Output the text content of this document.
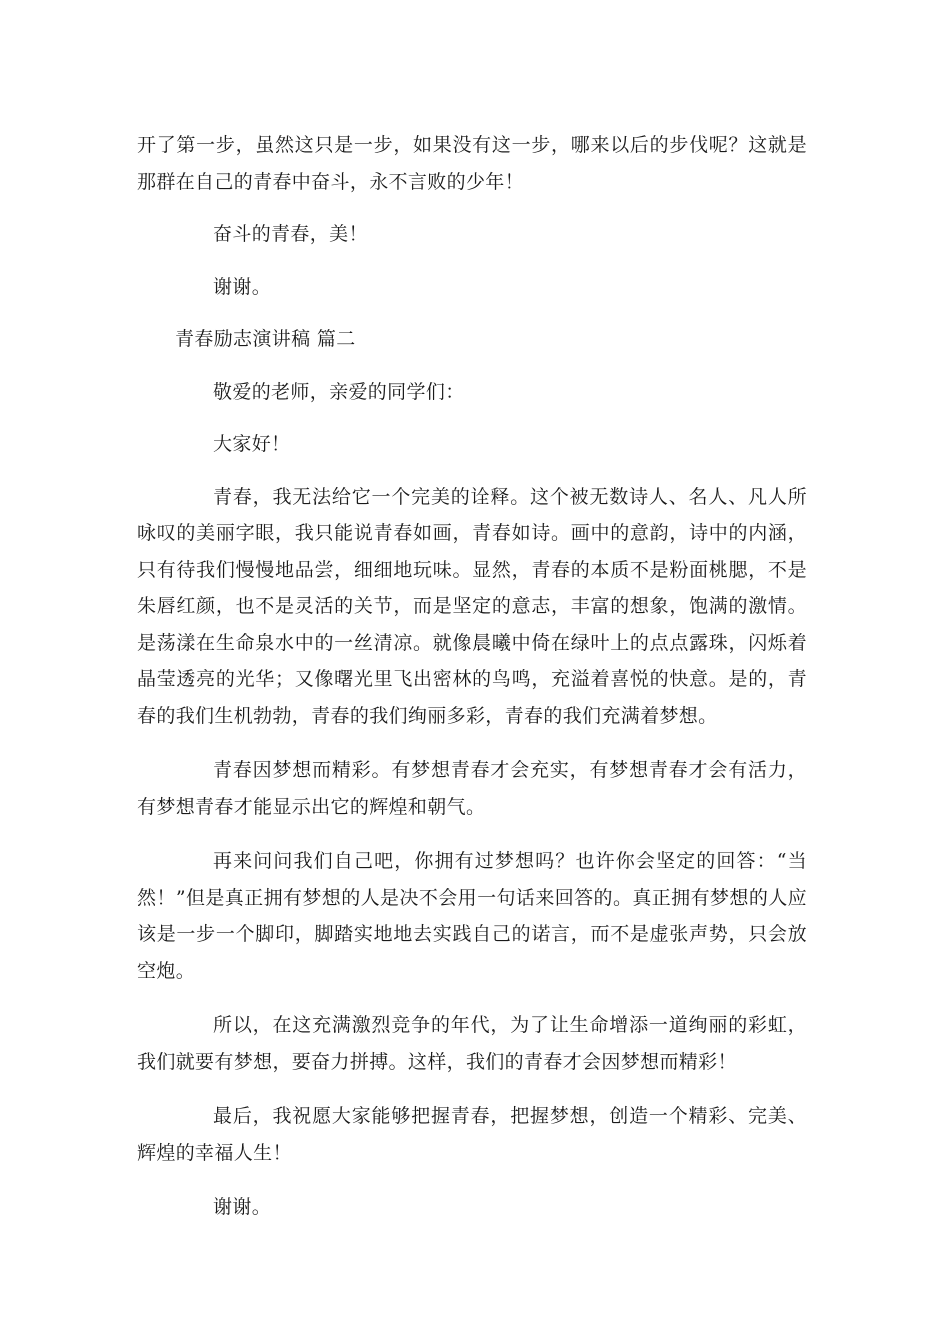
开了第一步，虽然这只是一步，如果没有这一步，哪来以后的步伐呢？这就是那群在自己的青春中奋斗，永不言败的少年！

奋斗的青春，美！

谢谢。

青春励志演讲稿 篇二

敬爱的老师，亲爱的同学们：

大家好！

青春，我无法给它一个完美的诠释。这个被无数诗人、名人、凡人所咏叹的美丽字眼，我只能说青春如画，青春如诗。画中的意韵，诗中的内涵，只有待我们慢慢地品尝，细细地玩味。显然，青春的本质不是粉面桃腮，不是朱唇红颜，也不是灵活的关节，而是坚定的意志，丰富的想象，饱满的激情。是荡漾在生命泉水中的一丝清凉。就像晨曦中倚在绿叶上的点点露珠，闪烁着晶莹透亮的光华；又像曙光里飞出密林的鸟鸣，充溢着喜悦的快意。是的，青春的我们生机勃勃，青春的我们绚丽多彩，青春的我们充满着梦想。

青春因梦想而精彩。有梦想青春才会充实，有梦想青春才会有活力，有梦想青春才能显示出它的辉煌和朝气。

再来问问我们自己吧，你拥有过梦想吗？也许你会坚定的回答：“当然！”但是真正拥有梦想的人是决不会用一句话来回答的。真正拥有梦想的人应该是一步一个脚印，脚踏实地地去实践自己的诺言，而不是虚张声势，只会放空炮。

所以，在这充满激烈竞争的年代，为了让生命增添一道绚丽的彩虹，我们就要有梦想，要奋力拼搏。这样，我们的青春才会因梦想而精彩！

最后，我祝愿大家能够把握青春，把握梦想，创造一个精彩、完美、辉煌的幸福人生！

谢谢。
